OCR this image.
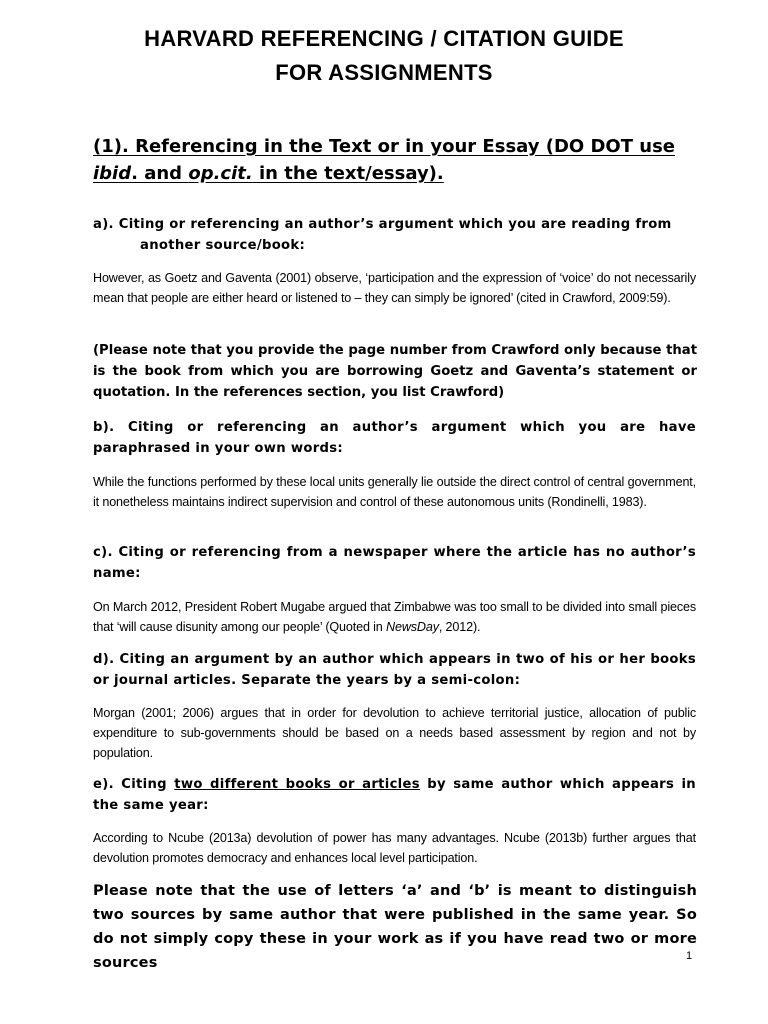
HARVARD REFERENCING / CITATION GUIDE
FOR ASSIGNMENTS
(1). Referencing in the Text or in your Essay (DO DOT use ibid. and op.cit. in the text/essay).
a). Citing or referencing an author’s argument which you are reading from
another source/book:
However, as Goetz and Gaventa (2001) observe, ‘participation and the expression of ‘voice’ do not necessarily mean that people are either heard or listened to – they can simply be ignored’ (cited in Crawford, 2009:59).
(Please note that you provide the page number from Crawford only because that is the book from which you are borrowing Goetz and Gaventa’s statement or quotation. In the references section, you list Crawford)
b). Citing or referencing an author’s argument which you are have paraphrased in your own words:
While the functions performed by these local units generally lie outside the direct control of central government, it nonetheless maintains indirect supervision and control of these autonomous units (Rondinelli, 1983).
c). Citing or referencing from a newspaper where the article has no author’s name:
On March 2012, President Robert Mugabe argued that Zimbabwe was too small to be divided into small pieces that ‘will cause disunity among our people’ (Quoted in NewsDay, 2012).
d). Citing an argument by an author which appears in two of his or her books or journal articles. Separate the years by a semi-colon:
Morgan (2001; 2006) argues that in order for devolution to achieve territorial justice, allocation of public expenditure to sub-governments should be based on a needs based assessment by region and not by population.
e). Citing two different books or articles by same author which appears in the same year:
According to Ncube (2013a) devolution of power has many advantages. Ncube (2013b) further argues that devolution promotes democracy and enhances local level participation.
Please note that the use of letters ‘a’ and ‘b’ is meant to distinguish two sources by same author that were published in the same year. So do not simply copy these in your work as if you have read two or more sources	1
